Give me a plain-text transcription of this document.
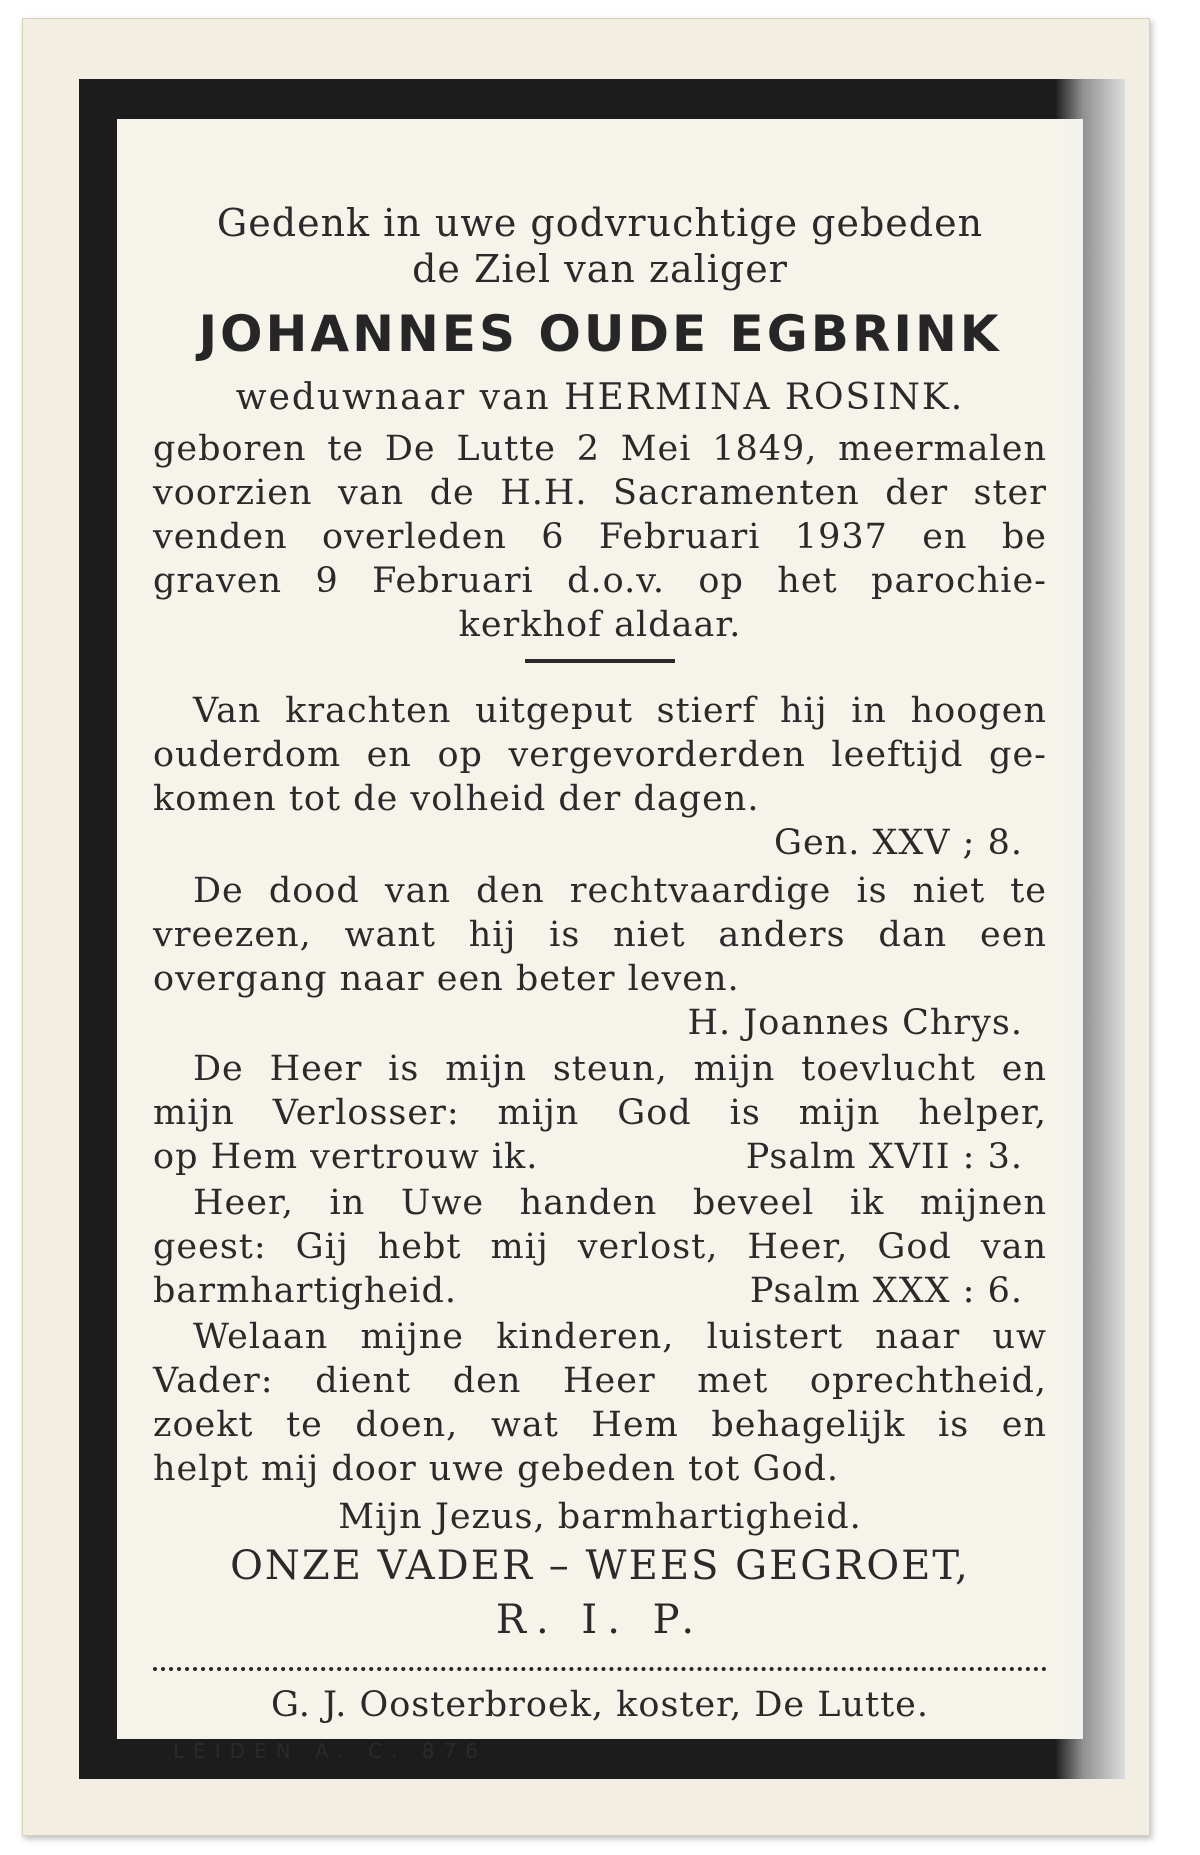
Gedenk in uwe godvruchtige gebeden
de Ziel van zaliger
JOHANNES OUDE EGBRINK
weduwnaar van HERMINA ROSINK.
geboren te De Lutte 2 Mei 1849, meermalen
voorzien van de H.H. Sacramenten der ster
venden overleden 6 Februari 1937 en be
graven 9 Februari d.o.v. op het parochie-
kerkhof aldaar.
Van krachten uitgeput stierf hij in hoogen
ouderdom en op vergevorderden leeftijd ge-
komen tot de volheid der dagen.
Gen. XXV ; 8.
De dood van den rechtvaardige is niet te
vreezen, want hij is niet anders dan een
overgang naar een beter leven.
H. Joannes Chrys.
De Heer is mijn steun, mijn toevlucht en
mijn Verlosser: mijn God is mijn helper,
op Hem vertrouw ik.	Psalm XVII : 3.
Heer, in Uwe handen beveel ik mijnen
geest: Gij hebt mij verlost, Heer, God van
barmhartigheid.	Psalm XXX : 6.
Welaan mijne kinderen, luistert naar uw
Vader: dient den Heer met oprechtheid,
zoekt te doen, wat Hem behagelijk is en
helpt mij door uwe gebeden tot God.
Mijn Jezus, barmhartigheid.
ONZE VADER – WEES GEGROET,
R. I. P.
G. J. Oosterbroek, koster, De Lutte.
LEIDEN A. C. 876
